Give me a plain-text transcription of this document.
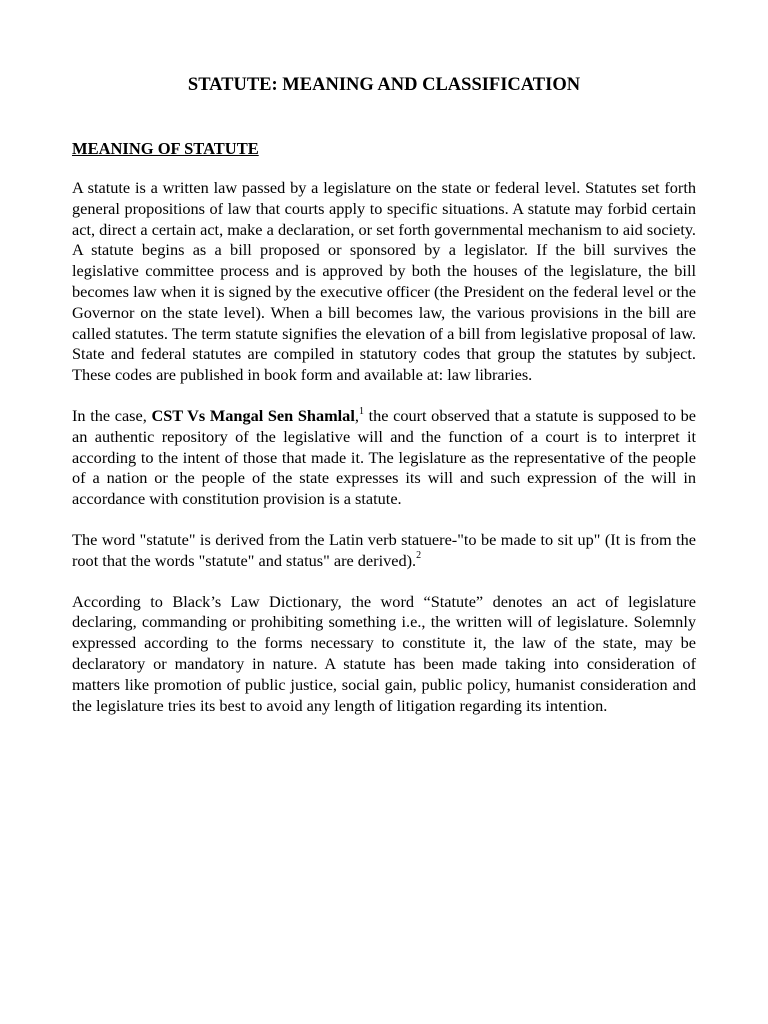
STATUTE: MEANING AND CLASSIFICATION
MEANING OF STATUTE

A statute is a written law passed by a legislature on the state or federal level. Statutes set forth general propositions of law that courts apply to specific situations. A statute may forbid certain act, direct a certain act, make a declaration, or set forth governmental mechanism to aid society. A statute begins as a bill proposed or sponsored by a legislator. If the bill survives the legislative committee process and is approved by both the houses of the legislature, the bill becomes law when it is signed by the executive officer (the President on the federal level or the Governor on the state level). When a bill becomes law, the various provisions in the bill are called statutes. The term statute signifies the elevation of a bill from legislative proposal of law. State and federal statutes are compiled in statutory codes that group the statutes by subject. These codes are published in book form and available at: law libraries.

In the case, CST Vs Mangal Sen Shamlal,$^1$ the court observed that a statute is supposed to be an authentic repository of the legislative will and the function of a court is to interpret it according to the intent of those that made it. The legislature as the representative of the people of a nation or the people of the state expresses its will and such expression of the will in accordance with constitution provision is a statute.

The word "statute" is derived from the Latin verb statuere-"to be made to sit up" (It is from the root that the words "statute" and status" are derived).$^2$

According to Black’s Law Dictionary, the word “Statute” denotes an act of legislature declaring, commanding or prohibiting something i.e., the written will of legislature. Solemnly expressed according to the forms necessary to constitute it, the law of the state, may be declaratory or mandatory in nature. A statute has been made taking into consideration of matters like promotion of public justice, social gain, public policy, humanist consideration and the legislature tries its best to avoid any length of litigation regarding its intention.
